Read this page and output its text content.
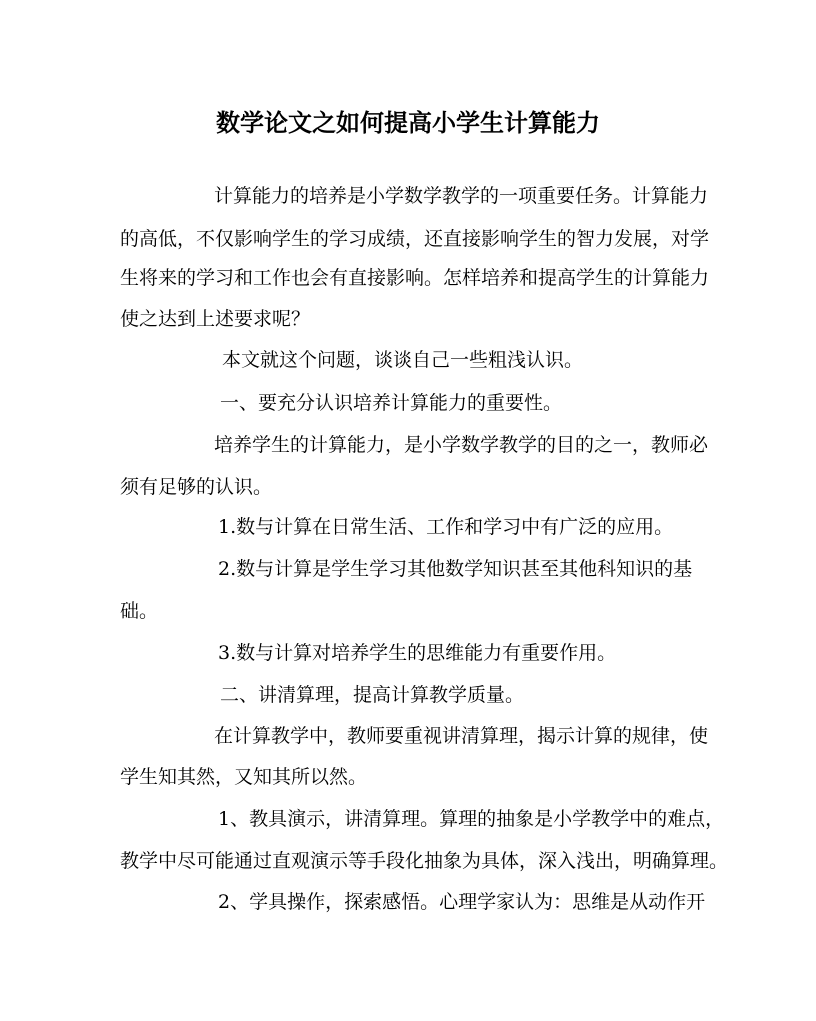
数学论文之如何提高小学生计算能力
计算能力的培养是小学数学教学的一项重要任务。计算能力
的高低，不仅影响学生的学习成绩，还直接影响学生的智力发展，对学
生将来的学习和工作也会有直接影响。怎样培养和提高学生的计算能力
使之达到上述要求呢？
本文就这个问题，谈谈自己一些粗浅认识。
一、要充分认识培养计算能力的重要性。
培养学生的计算能力，是小学数学教学的目的之一，教师必
须有足够的认识。
1.数与计算在日常生活、工作和学习中有广泛的应用。
2.数与计算是学生学习其他数学知识甚至其他科知识的基
础。
3.数与计算对培养学生的思维能力有重要作用。
二、讲清算理，提高计算教学质量。
在计算教学中，教师要重视讲清算理，揭示计算的规律，使
学生知其然，又知其所以然。
1、教具演示，讲清算理。算理的抽象是小学教学中的难点，
教学中尽可能通过直观演示等手段化抽象为具体，深入浅出，明确算理。
2、学具操作，探索感悟。心理学家认为：思维是从动作开
